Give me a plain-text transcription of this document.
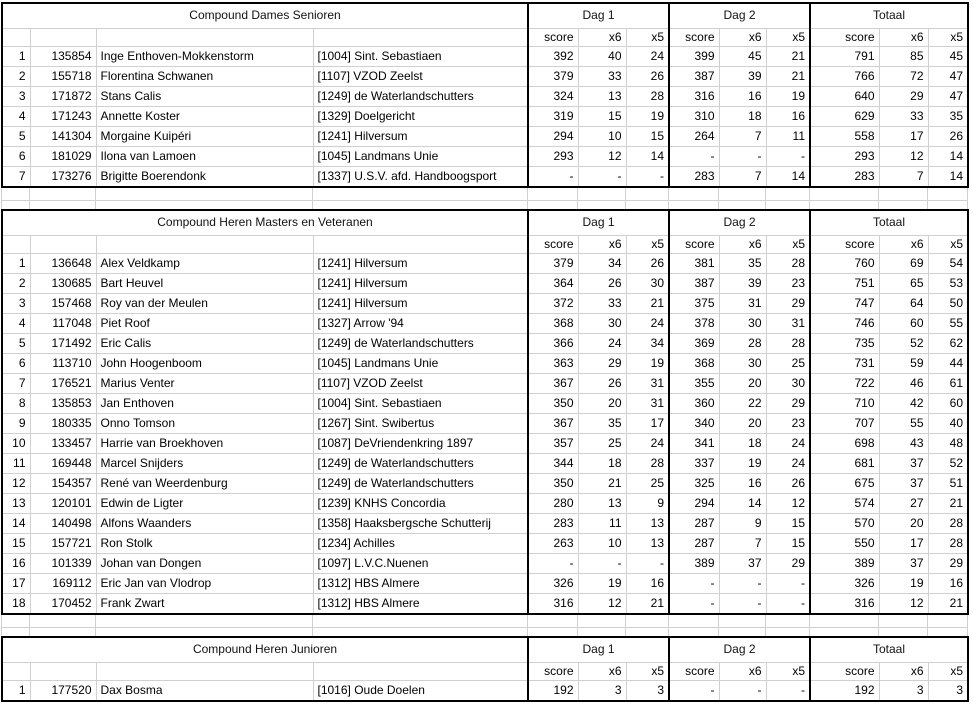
Compound Dames Senioren				Dag 1			Dag 2			Totaal		
				score	x6	x5	score	x6	x5	score	x6	x5
1	135854	Inge Enthoven-Mokkenstorm	[1004] Sint. Sebastiaen	392	40	24	399	45	21	791	85	45
2	155718	Florentina Schwanen	[1107] VZOD Zeelst	379	33	26	387	39	21	766	72	47
3	171872	Stans Calis	[1249] de Waterlandschutters	324	13	28	316	16	19	640	29	47
4	171243	Annette Koster	[1329] Doelgericht	319	15	19	310	18	16	629	33	35
5	141304	Morgaine Kuipéri	[1241] Hilversum	294	10	15	264	7	11	558	17	26
6	181029	Ilona van Lamoen	[1045] Landmans Unie	293	12	14	-	-	-	293	12	14
7	173276	Brigitte Boerendonk	[1337] U.S.V. afd. Handboogsport	-	-	-	283	7	14	283	7	14

Compound Heren Masters en Veteranen				Dag 1			Dag 2			Totaal		
				score	x6	x5	score	x6	x5	score	x6	x5
1	136648	Alex Veldkamp	[1241] Hilversum	379	34	26	381	35	28	760	69	54
2	130685	Bart Heuvel	[1241] Hilversum	364	26	30	387	39	23	751	65	53
3	157468	Roy van der Meulen	[1241] Hilversum	372	33	21	375	31	29	747	64	50
4	117048	Piet Roof	[1327] Arrow '94	368	30	24	378	30	31	746	60	55
5	171492	Eric Calis	[1249] de Waterlandschutters	366	24	34	369	28	28	735	52	62
6	113710	John Hoogenboom	[1045] Landmans Unie	363	29	19	368	30	25	731	59	44
7	176521	Marius Venter	[1107] VZOD Zeelst	367	26	31	355	20	30	722	46	61
8	135853	Jan Enthoven	[1004] Sint. Sebastiaen	350	20	31	360	22	29	710	42	60
9	180335	Onno Tomson	[1267] Sint. Swibertus	367	35	17	340	20	23	707	55	40
10	133457	Harrie van Broekhoven	[1087] DeVriendenkring 1897	357	25	24	341	18	24	698	43	48
11	169448	Marcel Snijders	[1249] de Waterlandschutters	344	18	28	337	19	24	681	37	52
12	154357	René van Weerdenburg	[1249] de Waterlandschutters	350	21	25	325	16	26	675	37	51
13	120101	Edwin de Ligter	[1239] KNHS Concordia	280	13	9	294	14	12	574	27	21
14	140498	Alfons Waanders	[1358] Haaksbergsche Schutterij	283	11	13	287	9	15	570	20	28
15	157721	Ron Stolk	[1234] Achilles	263	10	13	287	7	15	550	17	28
16	101339	Johan van Dongen	[1097] L.V.C.Nuenen	-	-	-	389	37	29	389	37	29
17	169112	Eric Jan van Vlodrop	[1312] HBS Almere	326	19	16	-	-	-	326	19	16
18	170452	Frank Zwart	[1312] HBS Almere	316	12	21	-	-	-	316	12	21

Compound Heren Junioren				Dag 1			Dag 2			Totaal		
				score	x6	x5	score	x6	x5	score	x6	x5
1	177520	Dax Bosma	[1016] Oude Doelen	192	3	3	-	-	-	192	3	3
